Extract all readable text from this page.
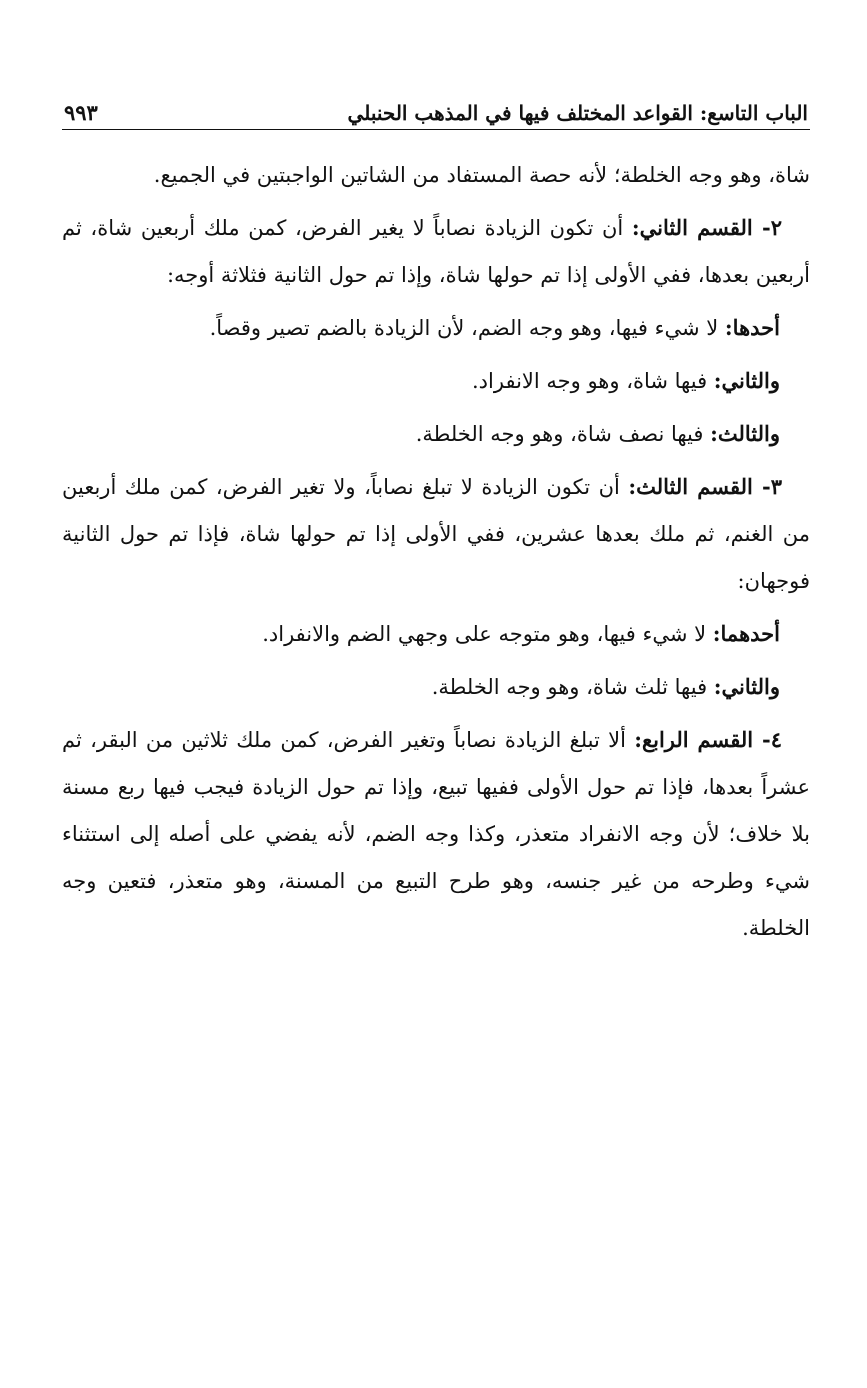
الباب التاسع: القواعد المختلف فيها في المذهب الحنبلي
٩٩٣

شاة، وهو وجه الخلطة؛ لأنه حصة المستفاد من الشاتين الواجبتين في الجميع.

٢- القسم الثاني: أن تكون الزيادة نصاباً لا يغير الفرض، كمن ملك أربعين شاة، ثم أربعين بعدها، ففي الأولى إذا تم حولها شاة، وإذا تم حول الثانية فثلاثة أوجه:

أحدها: لا شيء فيها، وهو وجه الضم، لأن الزيادة بالضم تصير وقصاً.

والثاني: فيها شاة، وهو وجه الانفراد.

والثالث: فيها نصف شاة، وهو وجه الخلطة.

٣- القسم الثالث: أن تكون الزيادة لا تبلغ نصاباً، ولا تغير الفرض، كمن ملك أربعين من الغنم، ثم ملك بعدها عشرين، ففي الأولى إذا تم حولها شاة، فإذا تم حول الثانية فوجهان:

أحدهما: لا شيء فيها، وهو متوجه على وجهي الضم والانفراد.

والثاني: فيها ثلث شاة، وهو وجه الخلطة.

٤- القسم الرابع: ألا تبلغ الزيادة نصاباً وتغير الفرض، كمن ملك ثلاثين من البقر، ثم عشراً بعدها، فإذا تم حول الأولى ففيها تبيع، وإذا تم حول الزيادة فيجب فيها ربع مسنة بلا خلاف؛ لأن وجه الانفراد متعذر، وكذا وجه الضم، لأنه يفضي على أصله إلى استثناء شيء وطرحه من غير جنسه، وهو طرح التبيع من المسنة، وهو متعذر، فتعين وجه الخلطة.
